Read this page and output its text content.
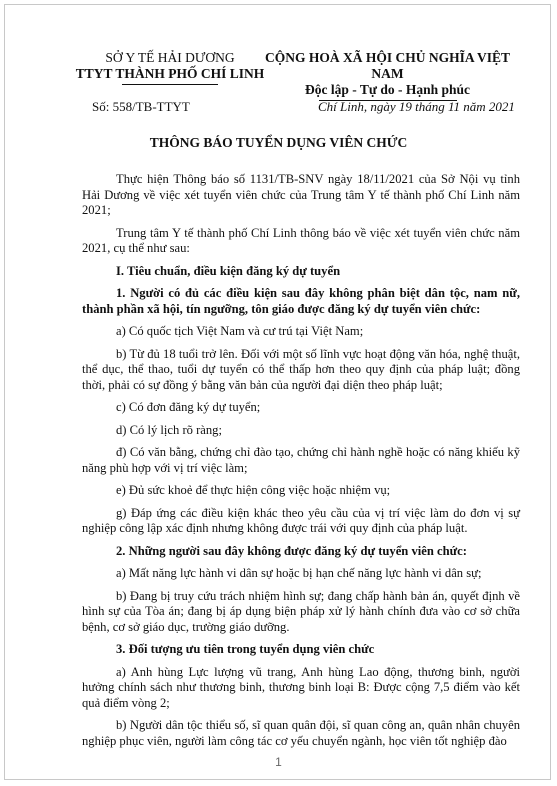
SỞ Y TẾ HẢI DƯƠNG
TTYT THÀNH PHỐ CHÍ LINH
CỘNG HOÀ XÃ HỘI CHỦ NGHĨA VIỆT NAM
Độc lập - Tự do - Hạnh phúc
Số: 558/TB-TTYT	Chí Linh, ngày 19 tháng 11 năm 2021
THÔNG BÁO TUYỂN DỤNG VIÊN CHỨC

Thực hiện Thông báo số 1131/TB-SNV ngày 18/11/2021 của Sở Nội vụ tỉnh Hải Dương về việc xét tuyển viên chức của Trung tâm Y tế thành phố Chí Linh năm 2021;

Trung tâm Y tế thành phố Chí Linh thông báo về việc xét tuyển viên chức năm 2021, cụ thể như sau:

I. Tiêu chuẩn, điều kiện đăng ký dự tuyển

1. Người có đủ các điều kiện sau đây không phân biệt dân tộc, nam nữ, thành phần xã hội, tín ngưỡng, tôn giáo được đăng ký dự tuyển viên chức:

a) Có quốc tịch Việt Nam và cư trú tại Việt Nam;

b) Từ đủ 18 tuổi trở lên. Đối với một số lĩnh vực hoạt động văn hóa, nghệ thuật, thể dục, thể thao, tuổi dự tuyển có thể thấp hơn theo quy định của pháp luật; đồng thời, phải có sự đồng ý bằng văn bản của người đại diện theo pháp luật;

c) Có đơn đăng ký dự tuyển;

d) Có lý lịch rõ ràng;

đ) Có văn bằng, chứng chỉ đào tạo, chứng chỉ hành nghề hoặc có năng khiếu kỹ năng phù hợp với vị trí việc làm;

e) Đủ sức khoẻ để thực hiện công việc hoặc nhiệm vụ;

g) Đáp ứng các điều kiện khác theo yêu cầu của vị trí việc làm do đơn vị sự nghiệp công lập xác định nhưng không được trái với quy định của pháp luật.

2. Những người sau đây không được đăng ký dự tuyển viên chức:

a) Mất năng lực hành vi dân sự hoặc bị hạn chế năng lực hành vi dân sự;

b) Đang bị truy cứu trách nhiệm hình sự; đang chấp hành bản án, quyết định về hình sự của Tòa án; đang bị áp dụng biện pháp xử lý hành chính đưa vào cơ sở chữa bệnh, cơ sở giáo dục, trường giáo dưỡng.

3. Đối tượng ưu tiên trong tuyển dụng viên chức

a) Anh hùng Lực lượng vũ trang, Anh hùng Lao động, thương binh, người hưởng chính sách như thương binh, thương binh loại B: Được cộng 7,5 điểm vào kết quả điểm vòng 2;

b) Người dân tộc thiểu số, sĩ quan quân đội, sĩ quan công an, quân nhân chuyên nghiệp phục viên, người làm công tác cơ yếu chuyển ngành, học viên tốt nghiệp đào

1
